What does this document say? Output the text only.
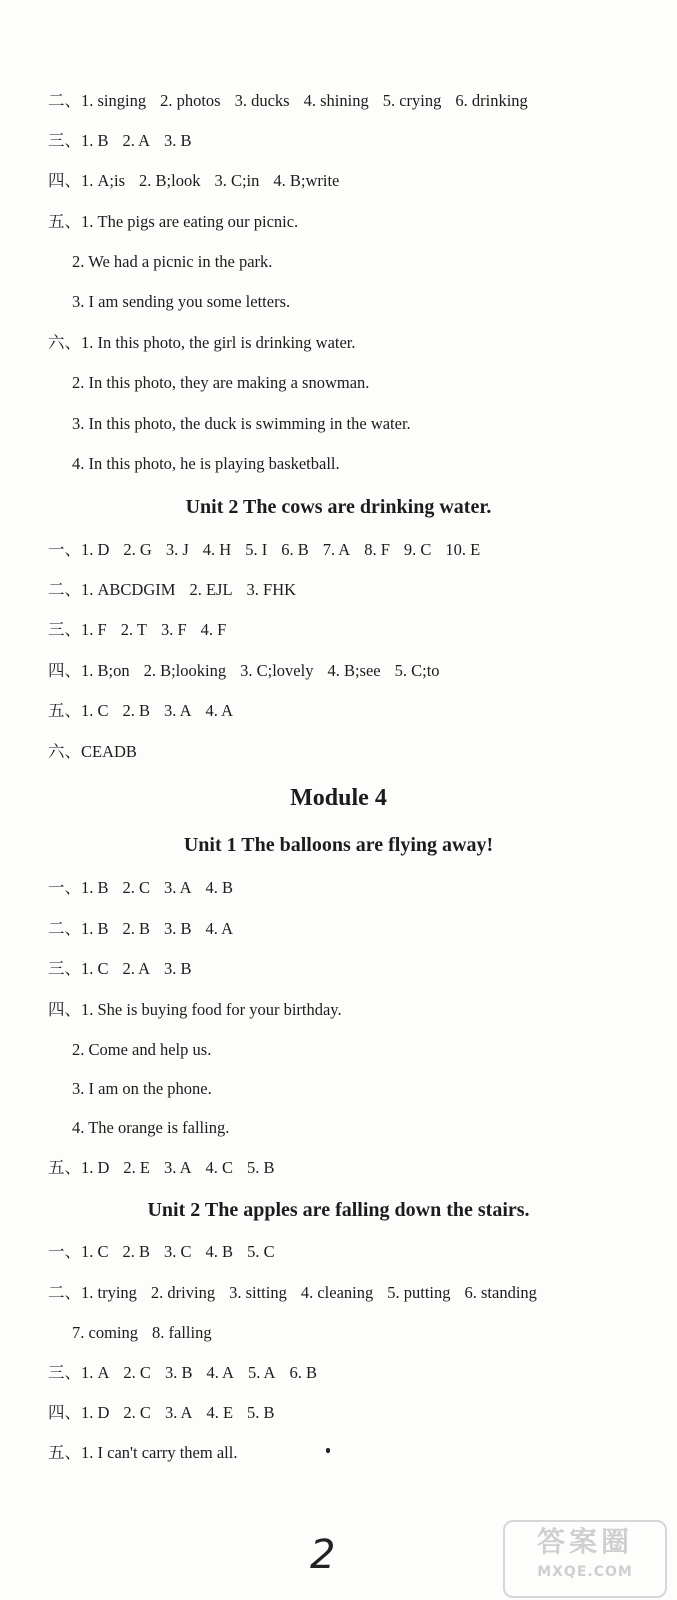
二、1. singing 2. photos 3. ducks 4. shining 5. crying 6. drinking
三、1. B 2. A 3. B
四、1. A;is 2. B;look 3. C;in 4. B;write
五、1. The pigs are eating our picnic.
2. We had a picnic in the park.
3. I am sending you some letters.
六、1. In this photo, the girl is drinking water.
2. In this photo, they are making a snowman.
3. In this photo, the duck is swimming in the water.
4. In this photo, he is playing basketball.
Unit 2 The cows are drinking water.
一、1. D 2. G 3. J 4. H 5. I 6. B 7. A 8. F 9. C 10. E
二、1. ABCDGIM 2. EJL 3. FHK
三、1. F 2. T 3. F 4. F
四、1. B;on 2. B;looking 3. C;lovely 4. B;see 5. C;to
五、1. C 2. B 3. A 4. A
六、CEADB
Module 4
Unit 1 The balloons are flying away!
一、1. B 2. C 3. A 4. B
二、1. B 2. B 3. B 4. A
三、1. C 2. A 3. B
四、1. She is buying food for your birthday.
2. Come and help us.
3. I am on the phone.
4. The orange is falling.
五、1. D 2. E 3. A 4. C 5. B
Unit 2 The apples are falling down the stairs.
一、1. C 2. B 3. C 4. B 5. C
二、1. trying 2. driving 3. sitting 4. cleaning 5. putting 6. standing
7. coming 8. falling
三、1. A 2. C 3. B 4. A 5. A 6. B
四、1. D 2. C 3. A 4. E 5. B
五、1. I can't carry them all.
2	答案圈
MXQE.COM
